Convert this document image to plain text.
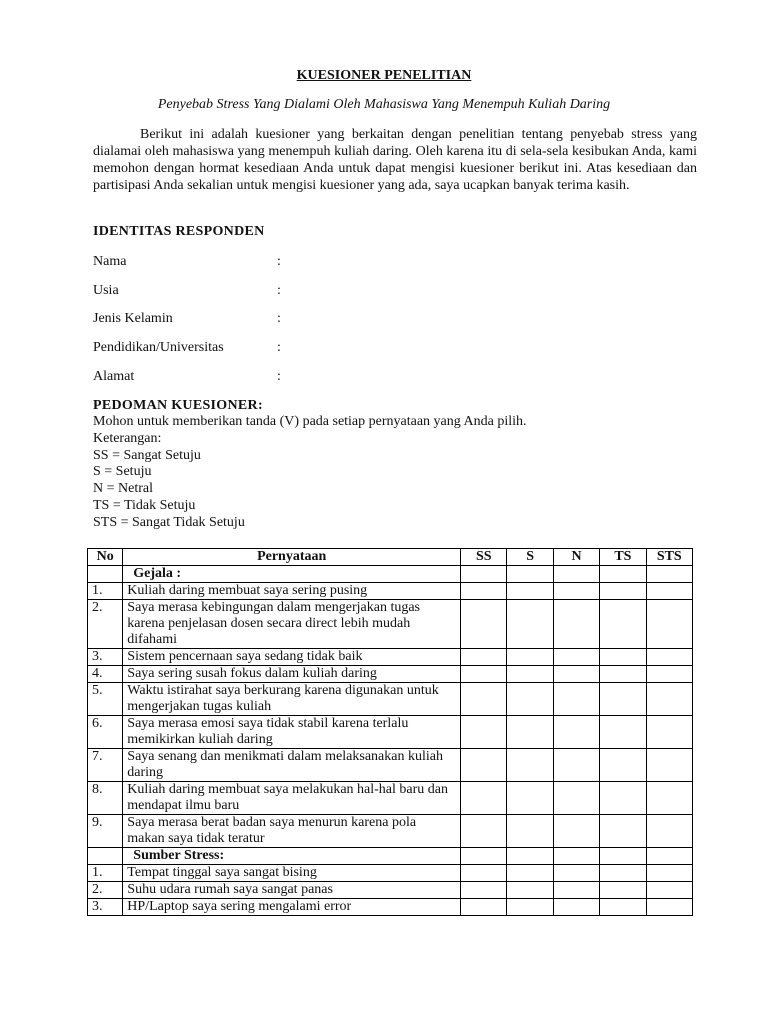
KUESIONER PENELITIAN
Penyebab Stress Yang Dialami Oleh Mahasiswa Yang Menempuh Kuliah Daring

Berikut ini adalah kuesioner yang berkaitan dengan penelitian tentang penyebab stress yang dialamai oleh mahasiswa yang menempuh kuliah daring. Oleh karena itu di sela-sela kesibukan Anda, kami memohon dengan hormat kesediaan Anda untuk dapat mengisi kuesioner berikut ini. Atas kesediaan dan partisipasi Anda sekalian untuk mengisi kuesioner yang ada, saya ucapkan banyak terima kasih.

IDENTITAS RESPONDEN
Nama	:
Usia	:
Jenis Kelamin	:
Pendidikan/Universitas	:
Alamat	:
PEDOMAN KUESIONER:
Mohon untuk memberikan tanda (V) pada setiap pernyataan yang Anda pilih.
Keterangan:
SS = Sangat Setuju
S = Setuju
N = Netral
TS = Tidak Setuju
STS = Sangat Tidak Setuju
No	Pernyataan	SS	S	N	TS	STS
	Gejala :					
1.	Kuliah daring membuat saya sering pusing					
2.	Saya merasa kebingungan dalam mengerjakan tugas karena penjelasan dosen secara direct lebih mudah difahami					
3.	Sistem pencernaan saya sedang tidak baik					
4.	Saya sering susah fokus dalam kuliah daring					
5.	Waktu istirahat saya berkurang karena digunakan untuk mengerjakan tugas kuliah					
6.	Saya merasa emosi saya tidak stabil karena terlalu memikirkan kuliah daring					
7.	Saya senang dan menikmati dalam melaksanakan kuliah daring					
8.	Kuliah daring membuat saya melakukan hal-hal baru dan mendapat ilmu baru					
9.	Saya merasa berat badan saya menurun karena pola makan saya tidak teratur					
	Sumber Stress:					
1.	Tempat tinggal saya sangat bising					
2.	Suhu udara rumah saya sangat panas					
3.	HP/Laptop saya sering mengalami error					
